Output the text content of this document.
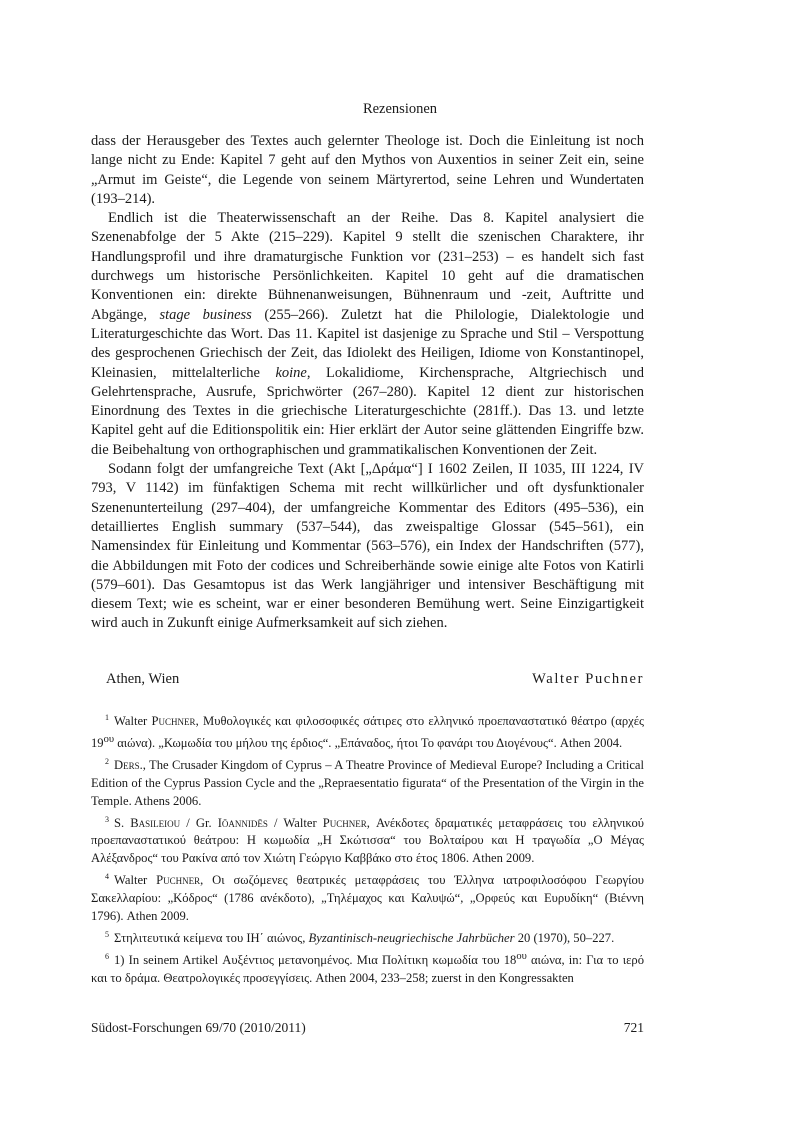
Rezensionen

dass der Herausgeber des Textes auch gelernter Theologe ist. Doch die Einleitung ist noch lange nicht zu Ende: Kapitel 7 geht auf den Mythos von Auxentios in seiner Zeit ein, seine „Armut im Geiste“, die Legende von seinem Märtyrertod, seine Lehren und Wundertaten (193–214).

Endlich ist die Theaterwissenschaft an der Reihe. Das 8. Kapitel analysiert die Szenenabfolge der 5 Akte (215–229). Kapitel 9 stellt die szenischen Charaktere, ihr Handlungsprofil und ihre dramaturgische Funktion vor (231–253) – es handelt sich fast durchwegs um historische Persönlichkeiten. Kapitel 10 geht auf die dramatischen Konventionen ein: direkte Bühnenanweisungen, Bühnenraum und -zeit, Auftritte und Abgänge, stage business (255–266). Zuletzt hat die Philologie, Dialektologie und Literaturgeschichte das Wort. Das 11. Kapitel ist dasjenige zu Sprache und Stil – Verspottung des gesprochenen Griechisch der Zeit, das Idiolekt des Heiligen, Idiome von Konstantinopel, Kleinasien, mittelalterliche koine, Lokalidiome, Kirchensprache, Altgriechisch und Gelehrtensprache, Ausrufe, Sprichwörter (267–280). Kapitel 12 dient zur historischen Einordnung des Textes in die griechische Literaturgeschichte (281ff.). Das 13. und letzte Kapitel geht auf die Editionspolitik ein: Hier erklärt der Autor seine glättenden Eingriffe bzw. die Beibehaltung von orthographischen und grammatikalischen Konventionen der Zeit.

Sodann folgt der umfangreiche Text (Akt [„Δράμα“] I 1602 Zeilen, II 1035, III 1224, IV 793, V 1142) im fünfaktigen Schema mit recht willkürlicher und oft dysfunktionaler Szenenunterteilung (297–404), der umfangreiche Kommentar des Editors (495–536), ein detailliertes English summary (537–544), das zweispaltige Glossar (545–561), ein Namensindex für Einleitung und Kommentar (563–576), ein Index der Handschriften (577), die Abbildungen mit Foto der codices und Schreiberhände sowie einige alte Fotos von Katirli (579–601). Das Gesamtopus ist das Werk langjähriger und intensiver Beschäftigung mit diesem Text; wie es scheint, war er einer besonderen Bemühung wert. Seine Einzigartigkeit wird auch in Zukunft einige Aufmerksamkeit auf sich ziehen.

Athen, Wien	Walter Puchner

$^1$ Walter Puchner, Μυθολογικές και φιλοσοφικές σάτιρες στο ελληνικό προεπαναστατικό θέατρο (αρχές $19^{o\upsilon}$ αιώνα). „Κωμωδία του μήλου της έρδιος“. „Επάναδος, ήτοι Το φανάρι του Διογένους“. Athen 2004.

$^2$ Ders., The Crusader Kingdom of Cyprus – A Theatre Province of Medieval Europe? Including a Critical Edition of the Cyprus Passion Cycle and the „Repraesentatio figurata“ of the Presentation of the Virgin in the Temple. Athens 2006.

$^3$ S. Basileiou / Gr. Iōannidēs / Walter Puchner, Ανέκδοτες δραματικές μεταφράσεις του ελληνικού προεπαναστατικού θεάτρου: Η κωμωδία „Η Σκώτισσα“ του Βολταίρου και Η τραγωδία „Ο Μέγας Αλέξανδρος“ του Ρακίνα από τον Χιώτη Γεώργιο Καββάκο στο έτος 1806. Athen 2009.

$^4$ Walter Puchner, Οι σωζόμενες θεατρικές μεταφράσεις του Έλληνα ιατροφιλοσόφου Γεωργίου Σακελλαρίου: „Κόδρος“ (1786 ανέκδοτο), „Τηλέμαχος και Καλυψώ“, „Ορφεύς και Ευρυδίκη“ (Βιέννη 1796). Athen 2009.

$^5$ Στηλιτευτικά κείμενα του ΙΗ΄ αιώνος, Byzantinisch-neugriechische Jahrbücher 20 (1970), 50–227.

$^6$ 1) In seinem Artikel Αυξέντιος μετανοημένος. Μια Πολίτικη κωμωδία του $18^{o\upsilon}$ αιώνα, in: Για το ιερό και το δράμα. Θεατρολογικές προσεγγίσεις. Athen 2004, 233–258; zuerst in den Kongressakten

Südost-Forschungen 69/70 (2010/2011)	721
